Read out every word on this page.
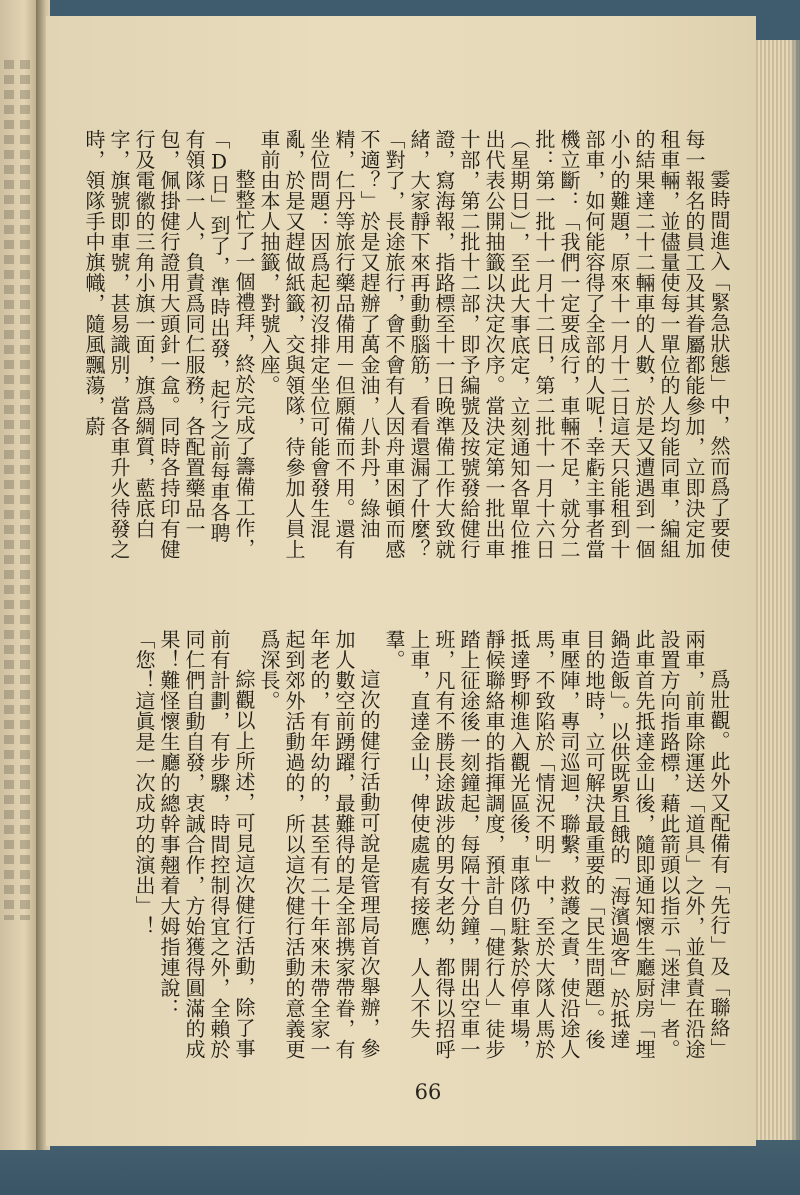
霎時間進入「緊急狀態」中，然而爲了要使每一報名的員工及其眷屬都能參加，立即決定加租車輛，並儘量使每一單位的人均能同車，編組的結果達二十二輛車的人數，於是又遭遇到一個小小的難題，原來十一月十二日這天只能租到十部車，如何能容得了全部的人呢！幸虧主事者當機立斷：「我們一定要成行，車輛不足，就分二批：第一批十一月十二日，第二批十一月十六日（星期日）」，至此大事底定，立刻通知各單位推出代表公開抽籤以決定次序。當決定第一批出車十部，第二批十二部，即予編號及按號發給健行證，寫海報，指路標至十一日晚準備工作大致就緒，大家靜下來再動動腦筋，看看還漏了什麼？「對了，長途旅行，會不會有人因舟車困頓而感不適？」於是又趕辦了萬金油，八卦丹，綠油精，仁丹等旅行藥品備用－但願備而不用。還有坐位問題：因爲起初沒排定坐位可能會發生混亂，於是又趕做紙籤，交與領隊，待參加人員上車前由本人抽籤，對號入座。

整整忙了一個禮拜，終於完成了籌備工作，「D日」到了，準時出發，起行之前每車各聘有領隊一人，負責爲同仁服務，各配置藥品一包，佩掛健行證用大頭針一盒。同時各持印有健行及電徽的三角小旗一面，旗爲綢質，藍底白字，旗號即車號，甚易識別，當各車升火待發之時，領隊手中旗幟，隨風飄蕩，蔚

爲壯觀。此外又配備有「先行」及「聯絡」兩車，前車除運送「道具」之外，並負責在沿途設置方向指路標，藉此箭頭以指示「迷津」者。此車首先抵達金山後，隨即通知懷生廳厨房「埋鍋造飯」。以供既累且餓的「海濱過客」於抵達目的地時，立可解決最重要的「民生問題」。後車壓陣，專司巡迴，聯繫，救護之責，使沿途人馬，不致陷於「情況不明」中，至於大隊人馬於抵達野柳進入觀光區後，車隊仍駐紮於停車場，靜候聯絡車的指揮調度，預計自「健行人」徒步踏上征途後一刻鐘起，每隔十分鐘，開出空車一班，凡有不勝長途跋涉的男女老幼，都得以招呼上車，直達金山，俾使處處有接應，人人不失羣。

這次的健行活動可說是管理局首次舉辦，參加人數空前踴躍，最難得的是全部携家帶眷，有年老的，有年幼的，甚至有二十年來未帶全家一起到郊外活動過的，所以這次健行活動的意義更爲深長。

綜觀以上所述，可見這次健行活動，除了事前有計劃，有步驟，時間控制得宜之外，全賴於同仁們自動自發，衷誠合作，方始獲得圓滿的成果！難怪懷生廳的總幹事翹着大姆指連說：「您！這眞是一次成功的演出」！

66
